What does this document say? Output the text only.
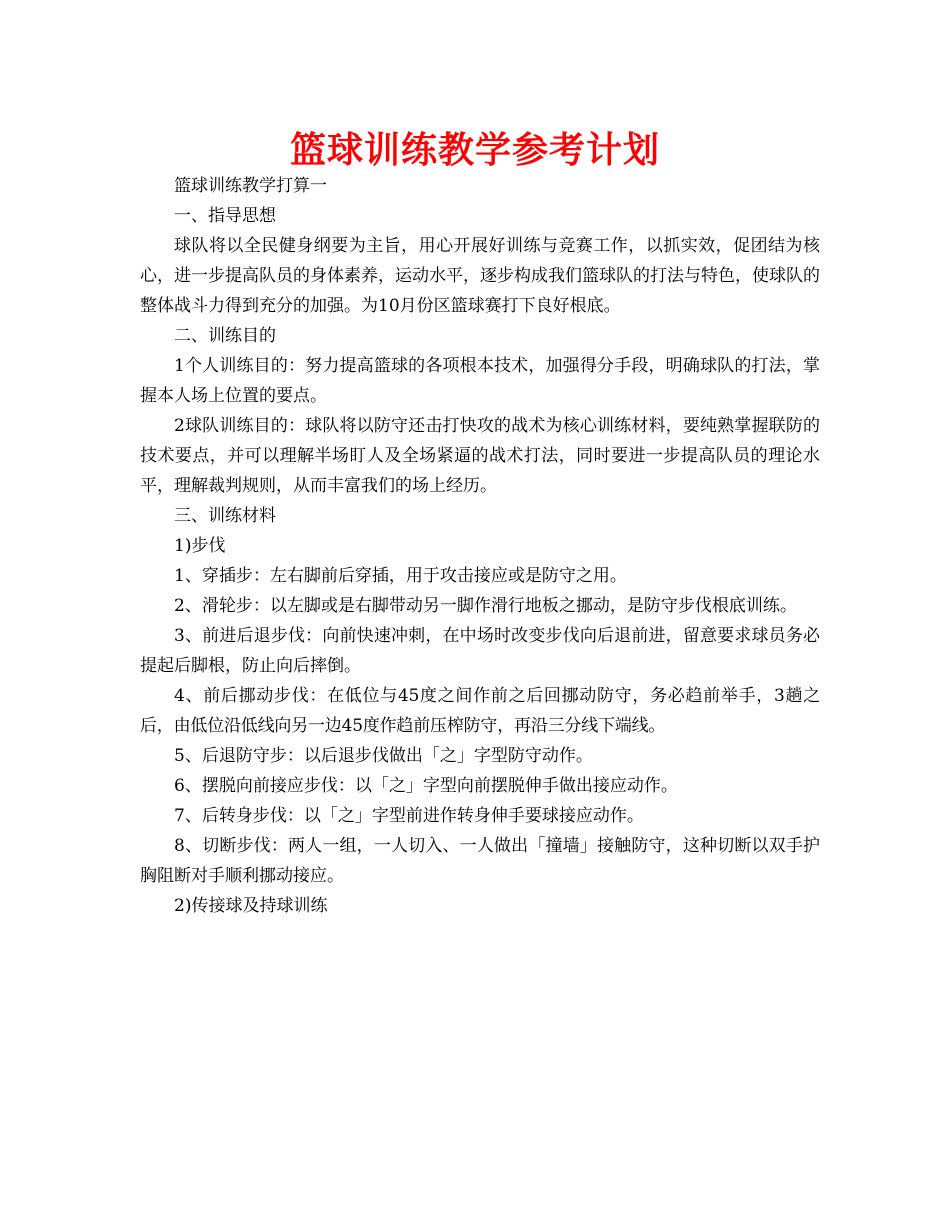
篮球训练教学参考计划

篮球训练教学打算一

一、指导思想

球队将以全民健身纲要为主旨，用心开展好训练与竞赛工作，以抓实效，促团结为核心，进一步提高队员的身体素养，运动水平，逐步构成我们篮球队的打法与特色，使球队的整体战斗力得到充分的加强。为10月份区篮球赛打下良好根底。

二、训练目的

1个人训练目的：努力提高篮球的各项根本技术，加强得分手段，明确球队的打法，掌握本人场上位置的要点。

2球队训练目的：球队将以防守还击打快攻的战术为核心训练材料，要纯熟掌握联防的技术要点，并可以理解半场盯人及全场紧逼的战术打法，同时要进一步提高队员的理论水平，理解裁判规则，从而丰富我们的场上经历。

三、训练材料

1)步伐

1、穿插步：左右脚前后穿插，用于攻击接应或是防守之用。

2、滑轮步：以左脚或是右脚带动另一脚作滑行地板之挪动，是防守步伐根底训练。

3、前进后退步伐：向前快速冲刺，在中场时改变步伐向后退前进，留意要求球员务必提起后脚根，防止向后摔倒。

4、前后挪动步伐：在低位与45度之间作前之后回挪动防守，务必趋前举手，3趟之后，由低位沿低线向另一边45度作趋前压榨防守，再沿三分线下端线。

5、后退防守步：以后退步伐做出「之」字型防守动作。

6、摆脱向前接应步伐：以「之」字型向前摆脱伸手做出接应动作。

7、后转身步伐：以「之」字型前进作转身伸手要球接应动作。

8、切断步伐：两人一组，一人切入、一人做出「撞墙」接触防守，这种切断以双手护胸阻断对手顺利挪动接应。

2)传接球及持球训练
